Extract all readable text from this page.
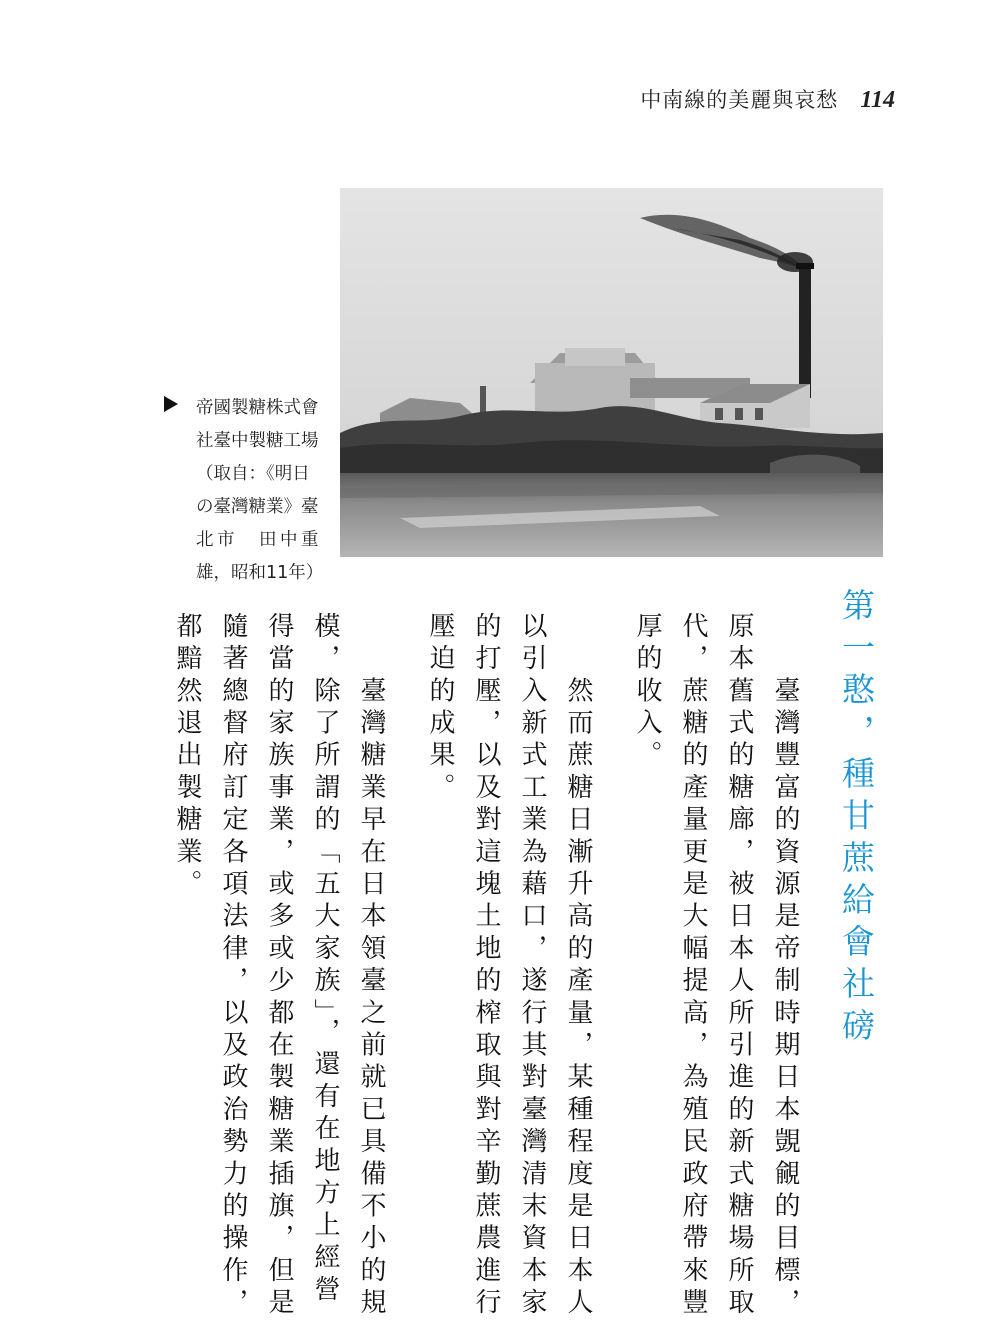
中南線的美麗與哀愁 114
帝國製糖株式會
社臺中製糖工場
（取自：《明日
の臺灣糖業》臺
北市　田中重
雄，昭和11年）
第一憨，種甘蔗給會社磅
　　臺灣豐富的資源是帝制時期日本覬覦的目標，
原本舊式的糖廍，被日本人所引進的新式糖場所取
代，蔗糖的產量更是大幅提高，為殖民政府帶來豐
厚的收入。
　　然而蔗糖日漸升高的產量，某種程度是日本人
以引入新式工業為藉口，遂行其對臺灣清末資本家
的打壓，以及對這塊土地的榨取與對辛勤蔗農進行
壓迫的成果。
　　臺灣糖業早在日本領臺之前就已具備不小的規
模，除了所謂的「五大家族」，還有在地方上經營
得當的家族事業，或多或少都在製糖業插旗，但是
隨著總督府訂定各項法律，以及政治勢力的操作，
都黯然退出製糖業。
